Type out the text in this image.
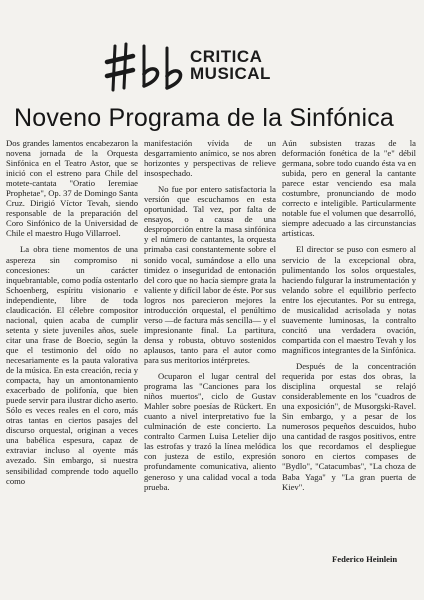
CRITICA
MUSICAL
Noveno Programa de la Sinfónica

Dos grandes lamentos encabezaron la novena jornada de la Orquesta Sinfónica en el Teatro Astor, que se inició con el estreno para Chile del motete-cantata "Oratio Ieremiae Prophetae", Op. 37 de Domingo Santa Cruz. Dirigió Víctor Tevah, siendo responsable de la preparación del Coro Sinfónico de la Universidad de Chile el maestro Hugo Villarroel.

La obra tiene momentos de una aspereza sin compromiso ni concesiones: un carácter inquebrantable, como podía ostentarlo Schoenberg, espíritu visionario e independiente, libre de toda claudicación. El célebre compositor nacional, quien acaba de cumplir setenta y siete juveniles años, suele citar una frase de Boecio, según la que el testimonio del oído no necesariamente es la pauta valorativa de la música. En esta creación, recia y compacta, hay un amontonamiento exacerbado de polifonía, que bien puede servir para ilustrar dicho aserto. Sólo es veces reales en el coro, más otras tantas en ciertos pasajes del discurso orquestal, originan a veces una babélica espesura, capaz de extraviar incluso al oyente más avezado. Sin embargo, si nuestra sensibilidad comprende todo aquello como

manifestación vívida de un desgarramiento anímico, se nos abren horizontes y perspectivas de relieve insospechado.

No fue por entero satisfactoria la versión que escuchamos en esta oportunidad. Tal vez, por falta de ensayos, o a causa de una desproporción entre la masa sinfónica y el número de cantantes, la orquesta primaba casi constantemente sobre el sonido vocal, sumándose a ello una timidez o inseguridad de entonación del coro que no hacía siempre grata la valiente y difícil labor de éste. Por sus logros nos parecieron mejores la introducción orquestal, el penúltimo verso —de factura más sencilla— y el impresionante final. La partitura, densa y robusta, obtuvo sostenidos aplausos, tanto para el autor como para sus meritorios intérpretes.

Ocuparon el lugar central del programa las "Canciones para los niños muertos", ciclo de Gustav Mahler sobre poesías de Rückert. En cuanto a nivel interpretativo fue la culminación de este concierto. La contralto Carmen Luisa Letelier dijo las estrofas y trazó la línea melódica con justeza de estilo, expresión profundamente comunicativa, aliento generoso y una calidad vocal a toda prueba.

Aún subsisten trazas de la deformación fonética de la "e" débil germana, sobre todo cuando ésta va en subida, pero en general la cantante parece estar venciendo esa mala costumbre, pronunciando de modo correcto e inteligible. Particularmente notable fue el volumen que desarrolló, siempre adecuado a las circunstancias artísticas.

El director se puso con esmero al servicio de la excepcional obra, pulimentando los solos orquestales, haciendo fulgurar la instrumentación y velando sobre el equilibrio perfecto entre los ejecutantes. Por su entrega, de musicalidad acrisolada y notas suavemente luminosas, la contralto concitó una verdadera ovación, compartida con el maestro Tevah y los magníficos integrantes de la Sinfónica.

Después de la concentración requerida por estas dos obras, la disciplina orquestal se relajó considerablemente en los "cuadros de una exposición", de Musorgski-Ravel. Sin embargo, y a pesar de los numerosos pequeños descuidos, hubo una cantidad de rasgos positivos, entre los que recordamos el despliegue sonoro en ciertos compases de "Bydlo", "Catacumbas", "La choza de Baba Yaga" y "La gran puerta de Kiev".

Federico Heinlein
